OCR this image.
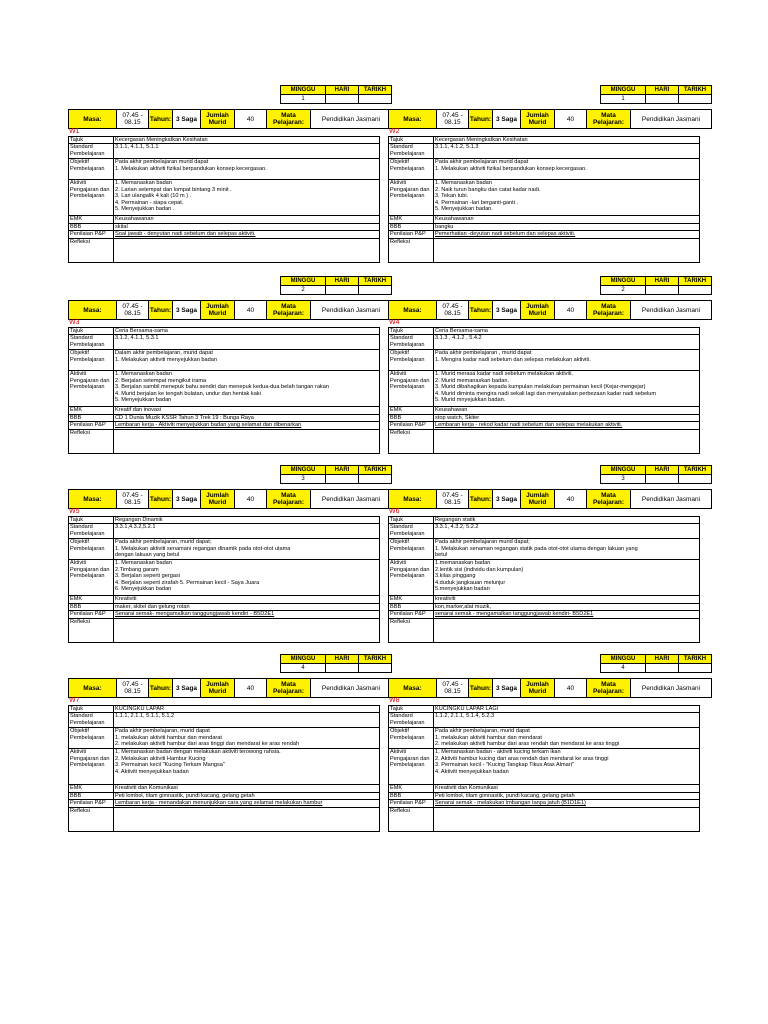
MINGGU	HARI	TARIKH
1		
Masa:	07.45 - 08.15	Tahun:	3 Saga	Jumlah Murid	40	Mata Pelajaran:	Pendidikan Jasmani
W1
Tajuk	Kecergasan Meningkatkan Kesihatan
Standard Pembelajaran	3.1.1, 4.1.1, 5.1.1
Objektif Pembelajaran	Pada akhir pembelajaran murid dapat
1. Melakukan aktiviti fizikal berpandukan konsep kecergasan.

Aktiviti Pengajaran dan Pembelajaran	1. Memanaskan badan
2. Larian setempat dan lompat bintang 3 minit .
3. Lari ulangalik 4 kali (10 m ) .
4. Permainan - siapa cepat.
5. Menyejukkan badan .

EMK	Keusahawanan
BBB	skital
Penilaian P&P	Soal jawab - denyutan nadi sebelum dan selepas aktiviti.
Refleksi	
MINGGU	HARI	TARIKH
1		
Masa:	07.45 - 08.15	Tahun:	3 Saga	Jumlah Murid	40	Mata Pelajaran:	Pendidikan Jasmani
W2
Tajuk	Kecergasan Meningkatkan Kesihatan
Standard Pembelajaran	3.1.1, 4.1.2, 5.1.3
Objektif Pembelajaran	Pada akhir pembelajaran murid dapat
1. Melakukan aktiviti fizikal berpandukan konsep kecergasan.

Aktiviti Pengajaran dan Pembelajaran	1. Memanaskan badan
2. Naik turun bangku dan catat kadar nadi.
3. Tekan tubi.
4. Permainan -lari berganti-ganti .
5. Menyejukkan badan.

EMK	Keusahawanan
BBB	bangku
Penilaian P&P	Pemerhatian -deyutan nadi sebelum dan selepas aktiviti.
Refleksi	
MINGGU	HARI	TARIKH
2		
Masa:	07.45 - 08.15	Tahun:	3 Saga	Jumlah Murid	40	Mata Pelajaran:	Pendidikan Jasmani
W3
Tajuk	Ceria Bersama-sama
Standard Pembelajaran	3.1.2, 4.1.1, 5.3.1
Objektif Pembelajaran	Dalam akhir pembelajaran, murid dapat
1. Melakukan aktiviti menyejukkan badan

Aktiviti Pengajaran dan Pembelajaran	1. Memanaskan badan
2. Berjalan setempat mengikut irama
3. Berjalan sambil menepuk bahu sendiri dan menepuk kedua-dua belah tangan rakan
4. Murid berjalan ke tengah bulatan, undur dan hentak kaki
5. Menyejukkan badan

EMK	Kreatif dan inovasi
BBB	CD 1 Dunia Muzik KSSR Tahun 3 Trek 19 : Bunga Raya
Penilaian P&P	Lembaran kerja - Aktiviti menyejukkan badan yang selamat dan dibenarkan
Refleksi	
MINGGU	HARI	TARIKH
2		
Masa:	07.45 - 08.15	Tahun:	3 Saga	Jumlah Murid	40	Mata Pelajaran:	Pendidikan Jasmani
W4
Tajuk	Ceria Bersama-sama
Standard Pembelajaran	3.1.3 , 4.1.2 , 5.4.2
Objektif Pembelajaran	Pada akhir pembelajaran , murid dapat
1. Mengira kadar nadi sebelum dan selepas melakukan aktiviti.

Aktiviti Pengajaran dan Pembelajaran	1. Murid merasa kadar nadi sebelum melakukan aktiviti.
2. Murid memanaskan badan.
3. Murid dibahagikan kepada kumpulan melakukan permainan kecil (Kejar-mengejar)
4. Murid diminta mengira nadi sekali lagi dan menyatakan perbezaan kadar nadi sebelum
5. Murid mnyejukkan badan.

EMK	Keusahawan
BBB	stop watch, Skiter
Penilaian P&P	Lembaran kerja - rekod kadar nadi sebelum dan selepas melakukan aktiviti.
Refleksi	
MINGGU	HARI	TARIKH
3		
Masa:	07.45 - 08.15	Tahun:	3 Saga	Jumlah Murid	40	Mata Pelajaran:	Pendidikan Jasmani
W5
Tajuk	Regangan Dinamik
Standard Pembelajaran	3.3.1,4.3.2,5.2.1
Objektif Pembelajaran	Pada akhir pembelajaran, murid dapat;
1. Melakukan aktiviti senamani regangan dinamik pada otot-otot utama
dengan lakuan yang betul

Aktiviti Pengajaran dan Pembelajaran	1. Memanaskan badan
2.Timbang garam
3. Berjalan seperti gergasi
4. Berjalan seperti zirafah 5. Permainan kecil - Saya Juara
6. Menyejukkan badan

EMK	Kreativiti
BBB	maker, skitel dan gelung rotan
Penilaian P&P	Senarai semak- mengamalkan tanggungjawab kendiri - B5D2E1
Refleksi	
MINGGU	HARI	TARIKH
3		
Masa:	07.45 - 08.15	Tahun:	3 Saga	Jumlah Murid	40	Mata Pelajaran:	Pendidikan Jasmani
W6
Tajuk	Regangan statik
Standard Pembelajaran	3.3.1, 4.3.2, 5.2.2
Objektif Pembelajaran	Pada akhir pembelajaran murid dapat;
1. Melakukan senaman regangan statik pada otot-otot utama dengan lakuan yang
betul

Aktiviti Pengajaran dan Pembelajaran	1.memanaskan badan
2.lentik sisi (individu dan kumpulan)
3.kilas pinggang
4.duduk jangkauan melunjur
5.menyejukkan badan

EMK	kreativiti
BBB	kon,marker,alat muzik,
Penilaian P&P	senarai semak - mengamalkan tanggungjawab kendiri- B5D2E1
Refleksi	
MINGGU	HARI	TARIKH
4		
Masa:	07.45 - 08.15	Tahun:	3 Saga	Jumlah Murid	40	Mata Pelajaran:	Pendidikan Jasmani
W7
Tajuk	KUCINGKU LAPAR
Standard Pembelajaran	1.1.1, 2.1.1, 5.1.1, 5.1.2
Objektif Pembelajaran	Pada akhir pembelajaran, murid dapat
1. melakukan aktiviti hambur dan mendarat
2. melakukan aktiviti hambur dari aras tinggi dan mendarat ke aras rendah

Aktiviti Pengajaran dan Pembelajaran	1. Memanaskan badan dengan melakukan aktiviti terowong rahsia.
2. Melakukan aktiviti Hambur Kucing
3. Permainan kecil "Kucing Terkam Mangsa"
4. Aktiviti menyejukkan badan

EMK	Kreativiti dan Komunikasi
BBB	Peti lombol, tilam gimnastik, pundi kacang, gelang getah
Penilaian P&P	Lembaran kerja - menandakan menunjukkan cara yang selamat melakukan hambur
Refleksi	
MINGGU	HARI	TARIKH
4		
Masa:	07.45 - 08.15	Tahun:	3 Saga	Jumlah Murid	40	Mata Pelajaran:	Pendidikan Jasmani
W8
Tajuk	KUCINGKU LAPAR LAGI
Standard Pembelajaran	1.1.2, 2.1.1, 5.1.4, 5.2.3
Objektif Pembelajaran	Pada akhir pembelajaran, murid dapat
1. melakukan aktiviti hambur dan mendarat
2. melakukan aktiviti hambur dari aras rendah dan mendarat ke aras tinggi

Aktiviti Pengajaran dan Pembelajaran	1. Memanaskan badan - aktiviti kucing terkam ikan
2. Aktiviti hambur kucing dari aras rendah dan mendarat ke aras tinggi
3. Permainan kecil - "Kucing Tangkap Tikus Atas Almari"
4. Aktiviti menyejukkan badan

EMK	Kreativiti dan Komunikasi
BBB	Peti lombol, tilam gimnastik, pundi kacang, gelang getah
Penilaian P&P	Senarai semak - melakukan imbangan tanpa jatuh (B1D1E1)
Refleksi	
